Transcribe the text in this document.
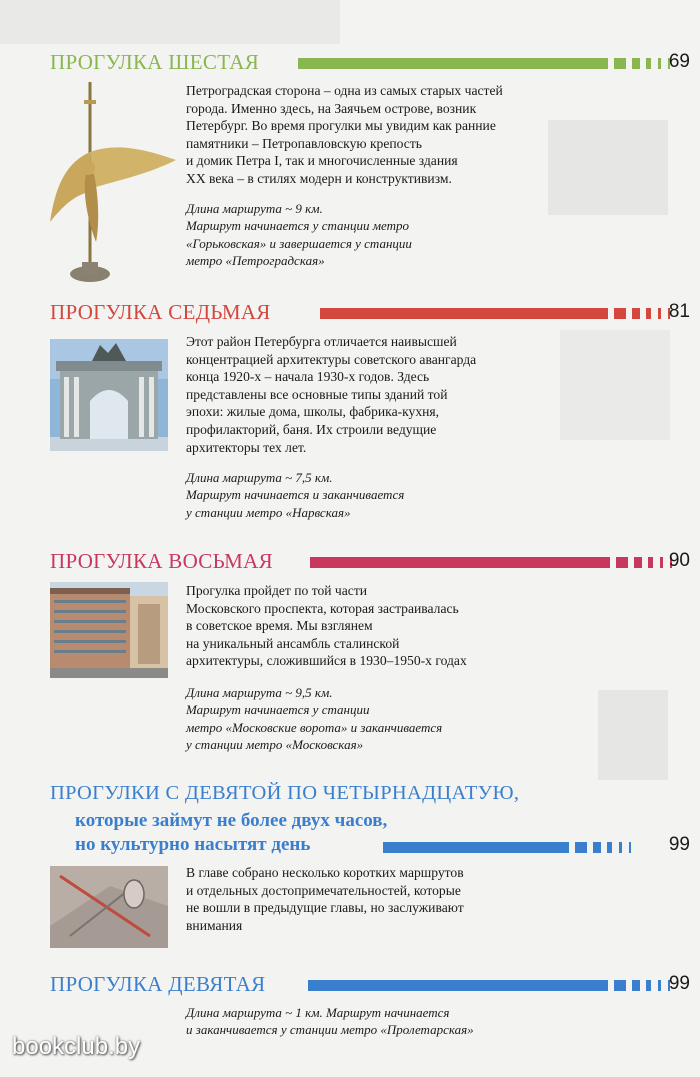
ПРОГУЛКА ШЕСТАЯ	69

Петроградская сторона – одна из самых старых частей

города. Именно здесь, на Заячьем острове, возник

Петербург. Во время прогулки мы увидим как ранние

памятники – Петропавловскую крепость

и домик Петра I, так и многочисленные здания

XX века – в стилях модерн и конструктивизм.

Длина маршрута ~ 9 км.

Маршрут начинается у станции метро

«Горьковская» и завершается у станции

метро «Петроградская»

ПРОГУЛКА СЕДЬМАЯ	81

Этот район Петербурга отличается наивысшей

концентрацией архитектуры советского авангарда

конца 1920-х – начала 1930-х годов. Здесь

представлены все основные типы зданий той

эпохи: жилые дома, школы, фабрика-кухня,

профилакторий, баня. Их строили ведущие

архитекторы тех лет.

Длина маршрута ~ 7,5 км.

Маршрут начинается и заканчивается

у станции метро «Нарвская»

ПРОГУЛКА ВОСЬМАЯ	90

Прогулка пройдет по той части

Московского проспекта, которая застраивалась

в советское время. Мы взглянем

на уникальный ансамбль сталинской

архитектуры, сложившийся в 1930–1950-х годах

Длина маршрута ~ 9,5 км.

Маршрут начинается у станции

метро «Московские ворота» и заканчивается

у станции метро «Московская»

ПРОГУЛКИ С ДЕВЯТОЙ ПО ЧЕТЫРНАДЦАТУЮ,
которые займут не более двух часов,
но культурно насытят день	99

В главе собрано несколько коротких маршрутов

и отдельных достопримечательностей, которые

не вошли в предыдущие главы, но заслуживают

внимания

ПРОГУЛКА ДЕВЯТАЯ	99

Длина маршрута ~ 1 км. Маршрут начинается

и заканчивается у станции метро «Пролетарская»

bookclub.by
